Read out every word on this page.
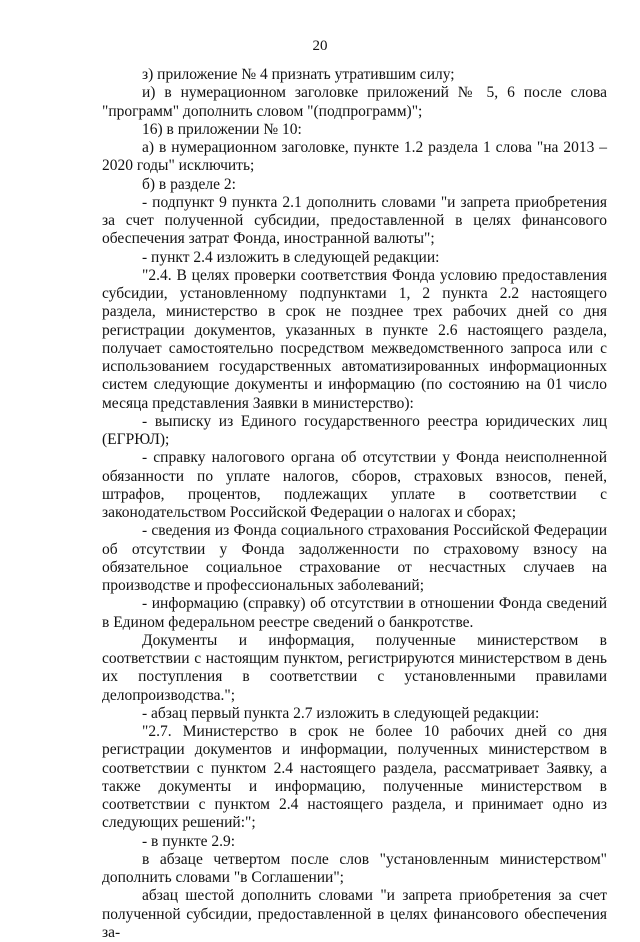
20

з) приложение № 4 признать утратившим силу;

и) в нумерационном заголовке приложений № 5, 6 после слова "программ" дополнить словом "(подпрограмм)";

16) в приложении № 10:

а) в нумерационном заголовке, пункте 1.2 раздела 1 слова "на 2013 – 2020 годы" исключить;

б) в разделе 2:

- подпункт 9 пункта 2.1 дополнить словами "и запрета приобретения за счет полученной субсидии, предоставленной в целях финансового обеспечения затрат Фонда, иностранной валюты";

- пункт 2.4 изложить в следующей редакции:

"2.4. В целях проверки соответствия Фонда условию предоставления субсидии, установленному подпунктами 1, 2 пункта 2.2 настоящего раздела, министерство в срок не позднее трех рабочих дней со дня регистрации документов, указанных в пункте 2.6 настоящего раздела, получает самостоятельно посредством межведомственного запроса или с использованием государственных автоматизированных информационных систем следующие документы и информацию (по состоянию на 01 число месяца представления Заявки в министерство):

- выписку из Единого государственного реестра юридических лиц (ЕГРЮЛ);

- справку налогового органа об отсутствии у Фонда неисполненной обязанности по уплате налогов, сборов, страховых взносов, пеней, штрафов, процентов, подлежащих уплате в соответствии с законодательством Российской Федерации о налогах и сборах;

- сведения из Фонда социального страхования Российской Федерации об отсутствии у Фонда задолженности по страховому взносу на обязательное социальное страхование от несчастных случаев на производстве и профессиональных заболеваний;

- информацию (справку) об отсутствии в отношении Фонда сведений в Едином федеральном реестре сведений о банкротстве.

Документы и информация, полученные министерством в соответствии с настоящим пунктом, регистрируются министерством в день их поступления в соответствии с установленными правилами делопроизводства.";

- абзац первый пункта 2.7 изложить в следующей редакции:

"2.7. Министерство в срок не более 10 рабочих дней со дня регистрации документов и информации, полученных министерством в соответствии с пунктом 2.4 настоящего раздела, рассматривает Заявку, а также документы и информацию, полученные министерством в соответствии с пунктом 2.4 настоящего раздела, и принимает одно из следующих решений:";

- в пункте 2.9:

в абзаце четвертом после слов "установленным министерством" дополнить словами "в Соглашении";

абзац шестой дополнить словами "и запрета приобретения за счет полученной субсидии, предоставленной в целях финансового обеспечения за-
